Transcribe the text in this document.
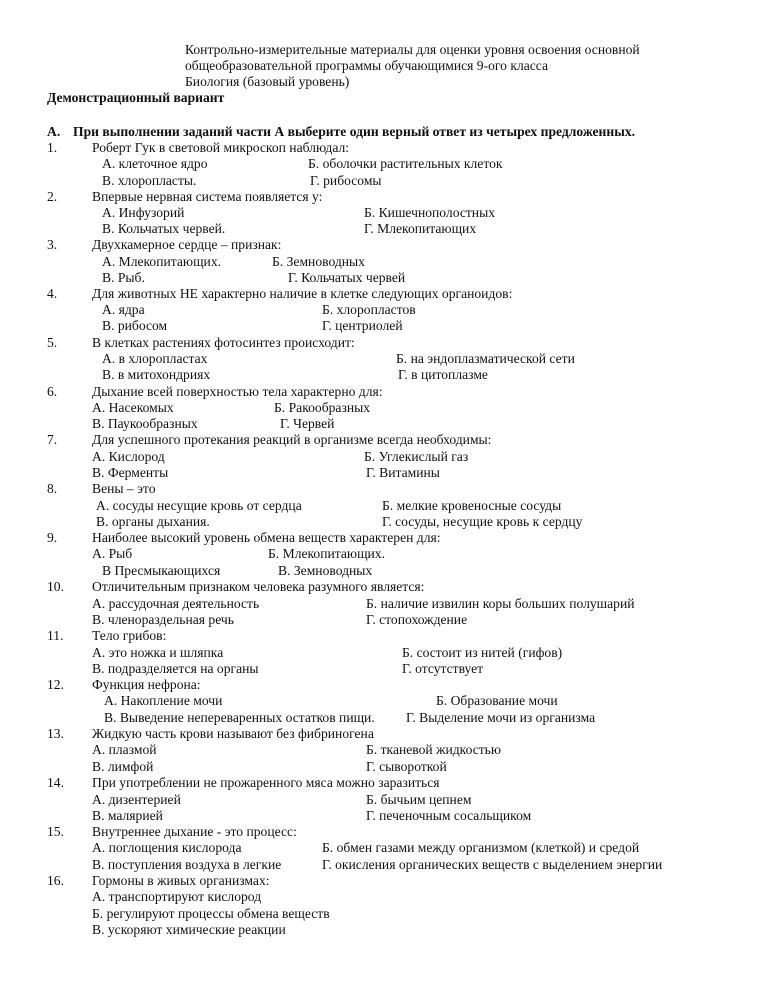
Контрольно-измерительные материалы для оценки уровня освоения основной
общеобразовательной программы обучающимися 9-ого класса
Биология (базовый уровень)
Демонстрационный вариант
А. При выполнении заданий части А выберите один верный ответ из четырех предложенных.
1.	Роберт Гук в световой микроскоп наблюдал:
А. клеточное ядро	Б. оболочки растительных клеток
В. хлоропласты.	Г. рибосомы
2.	Впервые нервная система появляется у:
А. Инфузорий	Б. Кишечнополостных
В. Кольчатых червей.	Г. Млекопитающих
3.	Двухкамерное сердце – признак:
А. Млекопитающих.	Б. Земноводных
В. Рыб.	Г. Кольчатых червей
4.	Для животных НЕ характерно наличие в клетке следующих органоидов:
А. ядра	Б. хлоропластов
В. рибосом	Г. центриолей
5.	В клетках растениях фотосинтез происходит:
А. в хлоропластах	Б. на эндоплазматической сети
В. в митохондриях	Г. в цитоплазме
6.	Дыхание всей поверхностью тела характерно для:
А. Насекомых	Б. Ракообразных
В. Паукообразных	Г. Червей
7.	Для успешного протекания реакций в организме всегда необходимы:
А. Кислород	Б. Углекислый газ
В. Ферменты	Г. Витамины
8.	Вены – это
А. сосуды несущие кровь от сердца	Б. мелкие кровеносные сосуды
В. органы дыхания.	Г. сосуды, несущие кровь к сердцу
9.	Наиболее высокий уровень обмена веществ характерен для:
А. Рыб	Б. Млекопитающих.
В Пресмыкающихся	В. Земноводных
10. Отличительным признаком человека разумного является:
А. рассудочная деятельность	Б. наличие извилин коры больших полушарий
В. членораздельная речь	Г. стопохождение
11. Тело грибов:
А. это ножка и шляпка	Б. состоит из нитей (гифов)
В. подразделяется на органы	Г. отсутствует
12. Функция нефрона:
А. Накопление мочи	Б. Образование мочи
В. Выведение непереваренных остатков пищи. Г. Выделение мочи из организма
13. Жидкую часть крови называют без фибриногена
А. плазмой	Б. тканевой жидкостью
В. лимфой	Г. сывороткой
14. При употреблении не прожаренного мяса можно заразиться
А. дизентерией	Б. бычьим цепнем
В. малярией	Г. печеночным сосальщиком
15. Внутреннее дыхание - это процесс:
А. поглощения кислорода	Б. обмен газами между организмом (клеткой) и средой
В. поступления воздуха в легкие	Г. окисления органических веществ с выделением энергии
16. Гормоны в живых организмах:
А. транспортируют кислород
Б. регулируют процессы обмена веществ
В. ускоряют химические реакции
